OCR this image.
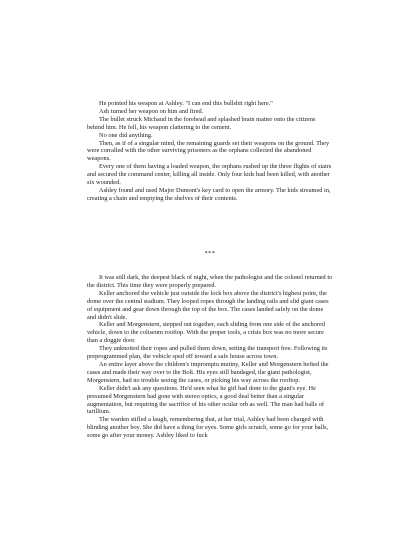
He pointed his weapon at Ashley. "I can end this bullshit right here."

Ash turned her weapon on him and fired.

The bullet struck Michaud in the forehead and splashed brain matter onto the citizens behind him. He fell, his weapon clattering to the cement.

No one did anything.

Then, as if of a singular mind, the remaining guards set their weapons on the ground. They were corralled with the other surviving prisoners as the orphans collected the abandoned weapons.

Every one of them having a loaded weapon, the orphans rushed up the three flights of stairs and secured the command center, killing all inside. Only four kids had been killed, with another six wounded.

Ashley found and used Major Dumont's key card to open the armory. The kids streamed in, creating a chain and emptying the shelves of their contents.

***

It was still dark, the deepest black of night, when the pathologist and the colonel returned to the district. This time they were properly prepared.

Keller anchored the vehicle just outside the lock box above the district's highest point, the dome over the central stadium. They looped ropes through the landing rails and slid giant cases of equipment and gear down through the top of the box. The cases landed safely on the dome and didn't slide.

Keller and Morgenstern, stepped out together, each sliding from one side of the anchored vehicle, down to the coliseum rooftop. With the proper tools, a crisis box was no more secure than a doggie door.

They unknotted their ropes and pulled them down, setting the transport free. Following its preprogrammed plan, the vehicle sped off toward a safe house across town.

An entire layer above the children's impromptu mutiny, Keller and Morgenstern hefted the cases and made their way over to the Bolt. His eyes still bandaged, the giant pathologist, Morgenstern, had no trouble seeing the cases, or picking his way across the rooftop.

Keller didn't ask any questions. He'd seen what he girl had done to the giant's eye. He presumed Morgenstern had gone with stereo optics, a good deal better than a singular augmentation, but requiring the sacrifice of his other ocular orb as well. The man had balls of tarillium.

The warden stifled a laugh, remembering that, at her trial, Ashley had been charged with blinding another boy. She did have a thing for eyes. Some girls scratch, some go for your balls, some go after your money. Ashley liked to fuck
